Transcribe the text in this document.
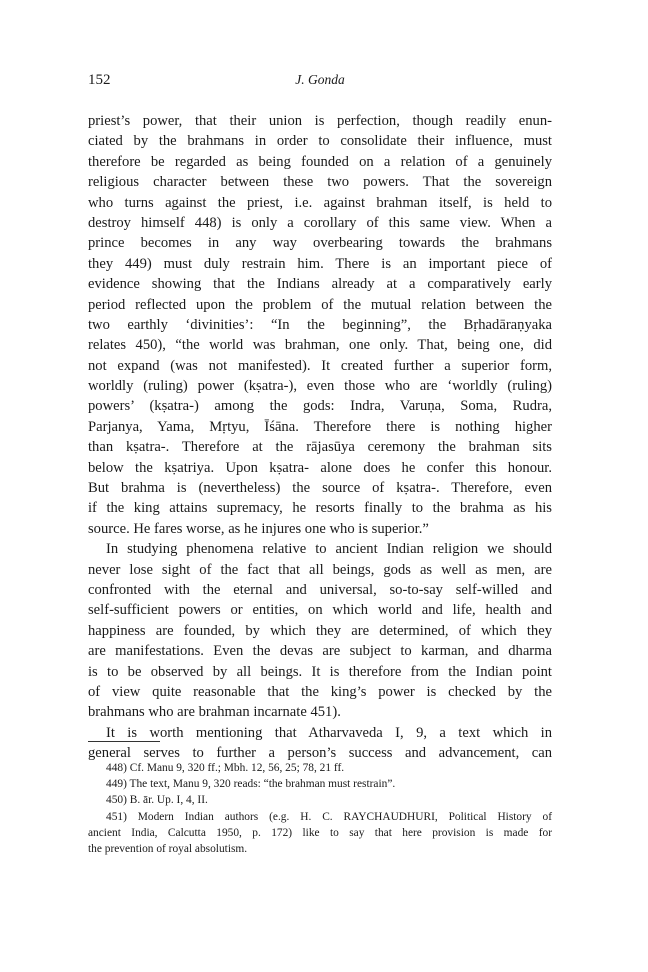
152	J. Gonda
priest’s power, that their union is perfection, though readily enun-
ciated by the brahmans in order to consolidate their influence, must
therefore be regarded as being founded on a relation of a genuinely
religious character between these two powers. That the sovereign
who turns against the priest, i.e. against brahman itself, is held to
destroy himself 448) is only a corollary of this same view. When a
prince becomes in any way overbearing towards the brahmans
they 449) must duly restrain him. There is an important piece of
evidence showing that the Indians already at a comparatively early
period reflected upon the problem of the mutual relation between the
two earthly ‘divinities’: “In the beginning”, the Bṛhadāraṇyaka
relates 450), “the world was brahman, one only. That, being one, did
not expand (was not manifested). It created further a superior form,
worldly (ruling) power (kṣatra-), even those who are ‘worldly (ruling)
powers’ (kṣatra-) among the gods: Indra, Varuṇa, Soma, Rudra,
Parjanya, Yama, Mṛtyu, Īśāna. Therefore there is nothing higher
than kṣatra-. Therefore at the rājasūya ceremony the brahman sits
below the kṣatriya. Upon kṣatra- alone does he confer this honour.
But brahma is (nevertheless) the source of kṣatra-. Therefore, even
if the king attains supremacy, he resorts finally to the brahma as his
source. He fares worse, as he injures one who is superior.”
In studying phenomena relative to ancient Indian religion we should
never lose sight of the fact that all beings, gods as well as men, are
confronted with the eternal and universal, so-to-say self-willed and
self-sufficient powers or entities, on which world and life, health and
happiness are founded, by which they are determined, of which they
are manifestations. Even the devas are subject to karman, and dharma
is to be observed by all beings. It is therefore from the Indian point
of view quite reasonable that the king’s power is checked by the
brahmans who are brahman incarnate 451).
It is worth mentioning that Atharvaveda I, 9, a text which in
general serves to further a person’s success and advancement, can
448) Cf. Manu 9, 320 ff.; Mbh. 12, 56, 25; 78, 21 ff.
449) The text, Manu 9, 320 reads: “the brahman must restrain”.
450) B. ār. Up. I, 4, II.
451) Modern Indian authors (e.g. H. C. RAYCHAUDHURI, Political History of
ancient India, Calcutta 1950, p. 172) like to say that here provision is made for
the prevention of royal absolutism.
